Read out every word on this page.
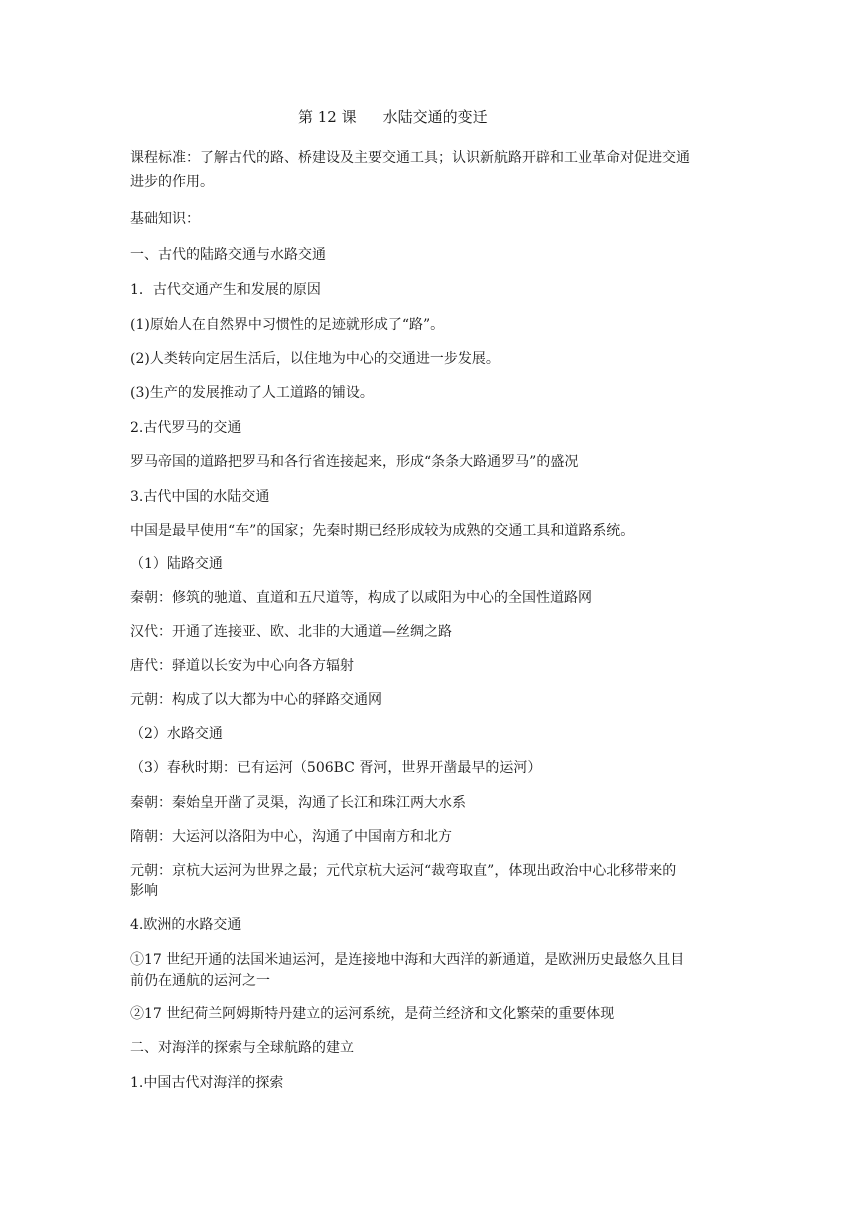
第 12 课 水陆交通的变迁
课程标准：了解古代的路、桥建设及主要交通工具；认识新航路开辟和工业革命对促进交通
进步的作用。
基础知识：
一、古代的陆路交通与水路交通
1．古代交通产生和发展的原因
(1)原始人在自然界中习惯性的足迹就形成了“路”。
(2)人类转向定居生活后，以住地为中心的交通进一步发展。
(3)生产的发展推动了人工道路的铺设。
2.古代罗马的交通
罗马帝国的道路把罗马和各行省连接起来，形成“条条大路通罗马”的盛况
3.古代中国的水陆交通
中国是最早使用“车”的国家；先秦时期已经形成较为成熟的交通工具和道路系统。
（1）陆路交通
秦朝：修筑的驰道、直道和五尺道等，构成了以咸阳为中心的全国性道路网
汉代：开通了连接亚、欧、北非的大通道—丝绸之路
唐代：驿道以长安为中心向各方辐射
元朝：构成了以大都为中心的驿路交通网
（2）水路交通
（3）春秋时期：已有运河（506BC 胥河，世界开凿最早的运河）
秦朝：秦始皇开凿了灵渠，沟通了长江和珠江两大水系
隋朝：大运河以洛阳为中心，沟通了中国南方和北方
元朝：京杭大运河为世界之最；元代京杭大运河“裁弯取直”，体现出政治中心北移带来的
影响
4.欧洲的水路交通
①17 世纪开通的法国米迪运河，是连接地中海和大西洋的新通道，是欧洲历史最悠久且目
前仍在通航的运河之一
②17 世纪荷兰阿姆斯特丹建立的运河系统，是荷兰经济和文化繁荣的重要体现
二、对海洋的探索与全球航路的建立
1.中国古代对海洋的探索
